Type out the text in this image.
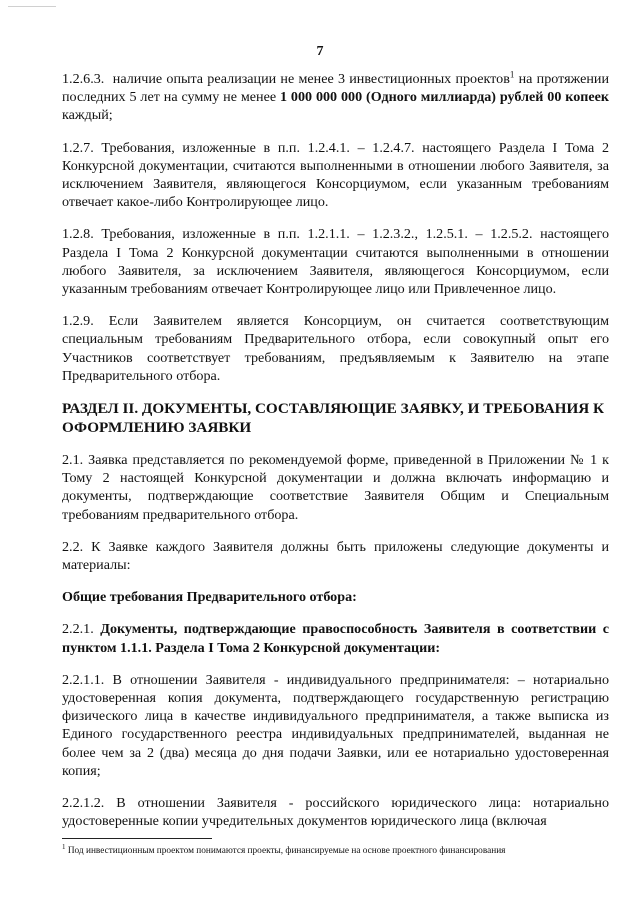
7

1.2.6.3. наличие опыта реализации не менее 3 инвестиционных проектов$^1$ на протяжении последних 5 лет на сумму не менее 1 000 000 000 (Одного миллиарда) рублей 00 копеек каждый;

1.2.7. Требования, изложенные в п.п. 1.2.4.1. – 1.2.4.7. настоящего Раздела I Тома 2 Конкурсной документации, считаются выполненными в отношении любого Заявителя, за исключением Заявителя, являющегося Консорциумом, если указанным требованиям отвечает какое-либо Контролирующее лицо.

1.2.8. Требования, изложенные в п.п. 1.2.1.1. – 1.2.3.2., 1.2.5.1. – 1.2.5.2. настоящего Раздела I Тома 2 Конкурсной документации считаются выполненными в отношении любого Заявителя, за исключением Заявителя, являющегося Консорциумом, если указанным требованиям отвечает Контролирующее лицо или Привлеченное лицо.

1.2.9. Если Заявителем является Консорциум, он считается соответствующим специальным требованиям Предварительного отбора, если совокупный опыт его Участников соответствует требованиям, предъявляемым к Заявителю на этапе Предварительного отбора.

РАЗДЕЛ II. ДОКУМЕНТЫ, СОСТАВЛЯЮЩИЕ ЗАЯВКУ, И ТРЕБОВАНИЯ К ОФОРМЛЕНИЮ ЗАЯВКИ

2.1. Заявка представляется по рекомендуемой форме, приведенной в Приложении № 1 к Тому 2 настоящей Конкурсной документации и должна включать информацию и документы, подтверждающие соответствие Заявителя Общим и Специальным требованиям предварительного отбора.

2.2. К Заявке каждого Заявителя должны быть приложены следующие документы и материалы:

Общие требования Предварительного отбора:

2.2.1. Документы, подтверждающие правоспособность Заявителя в соответствии с пунктом 1.1.1. Раздела I Тома 2 Конкурсной документации:

2.2.1.1. В отношении Заявителя - индивидуального предпринимателя: – нотариально удостоверенная копия документа, подтверждающего государственную регистрацию физического лица в качестве индивидуального предпринимателя, а также выписка из Единого государственного реестра индивидуальных предпринимателей, выданная не более чем за 2 (два) месяца до дня подачи Заявки, или ее нотариально удостоверенная копия;

2.2.1.2. В отношении Заявителя - российского юридического лица: нотариально удостоверенные копии учредительных документов юридического лица (включая

$^1$ Под инвестиционным проектом понимаются проекты, финансируемые на основе проектного финансирования
